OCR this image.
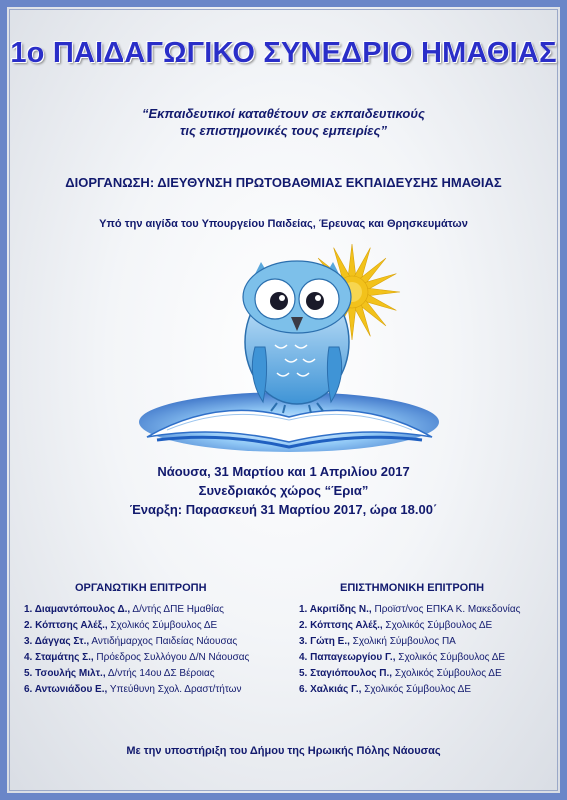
1ο ΠΑΙΔΑΓΩΓΙΚΟ ΣΥΝΕΔΡΙΟ ΗΜΑΘΙΑΣ
“Εκπαιδευτικοί καταθέτουν σε εκπαιδευτικούς
τις επιστημονικές τους εμπειρίες”
ΔΙΟΡΓΑΝΩΣΗ: ΔΙΕΥΘΥΝΣΗ ΠΡΩΤΟΒΑΘΜΙΑΣ ΕΚΠΑΙΔΕΥΣΗΣ ΗΜΑΘΙΑΣ
Υπό την αιγίδα του Υπουργείου Παιδείας, Έρευνας και Θρησκευμάτων
Νάουσα, 31 Μαρτίου και 1 Απριλίου 2017
Συνεδριακός χώρος “Έρια”
Έναρξη: Παρασκευή 31 Μαρτίου 2017, ώρα 18.00΄
ΟΡΓΑΝΩΤΙΚΗ ΕΠΙΤΡΟΠΗ
1. Διαμαντόπουλος Δ., Δ/ντής ΔΠΕ Ημαθίας
2. Κόπτσης Αλέξ., Σχολικός Σύμβουλος ΔΕ
3. Δάγγας Στ., Αντιδήμαρχος Παιδείας Νάουσας
4. Σταμάτης Σ., Πρόεδρος Συλλόγου Δ/Ν Νάουσας
5. Τσουλής Μιλτ., Δ/ντής 14ου ΔΣ Βέροιας
6. Αντωνιάδου Ε., Υπεύθυνη Σχολ. Δραστ/τήτων
ΕΠΙΣΤΗΜΟΝΙΚΗ ΕΠΙΤΡΟΠΗ
1. Ακριτίδης Ν., Προϊστ/νος ΕΠΚΑ Κ. Μακεδονίας
2. Κόπτσης Αλέξ., Σχολικός Σύμβουλος ΔΕ
3. Γώτη Ε., Σχολική Σύμβουλος ΠΑ
4. Παπαγεωργίου Γ., Σχολικός Σύμβουλος ΔΕ
5. Σταγιόπουλος Π., Σχολικός Σύμβουλος ΔΕ
6. Χαλκιάς Γ., Σχολικός Σύμβουλος ΔΕ
Με την υποστήριξη του Δήμου της Ηρωικής Πόλης Νάουσας
